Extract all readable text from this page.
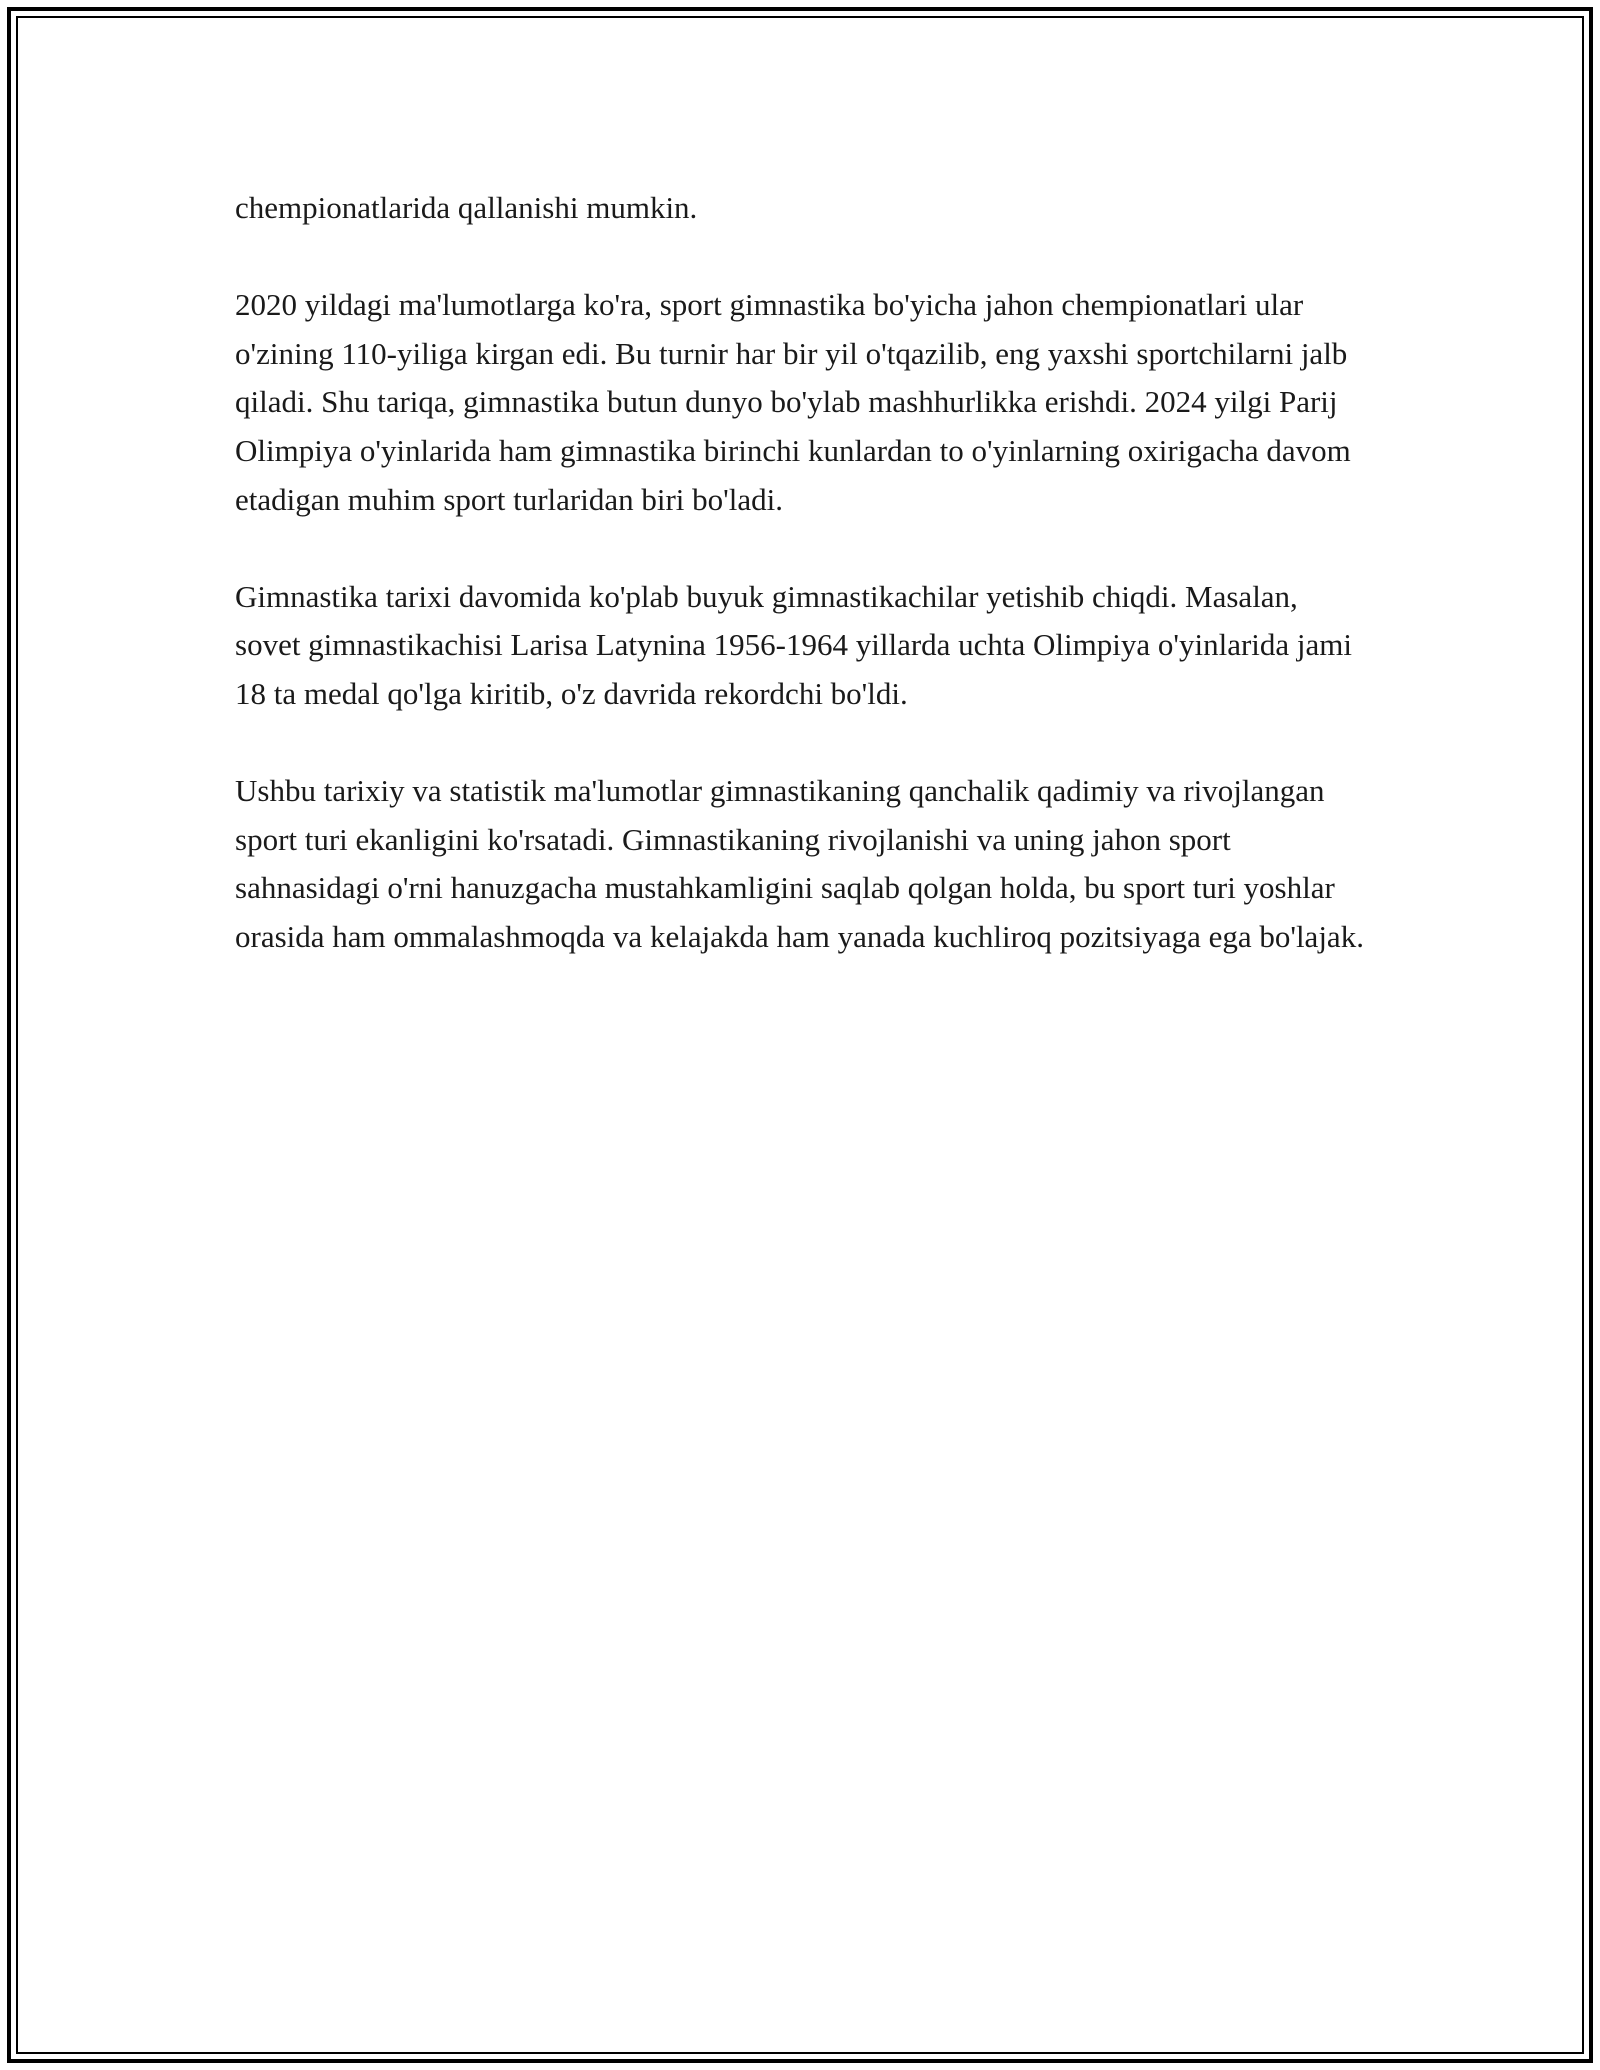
chempionatlarida qallanishi mumkin.

2020 yildagi ma'lumotlarga ko'ra, sport gimnastika bo'yicha jahon chempionatlari ular o'zining 110-yiliga kirgan edi. Bu turnir har bir yil o'tqazilib, eng yaxshi sportchilarni jalb qiladi. Shu tariqa, gimnastika butun dunyo bo'ylab mashhurlikka erishdi. 2024 yilgi Parij Olimpiya o'yinlarida ham gimnastika birinchi kunlardan to o'yinlarning oxirigacha davom etadigan muhim sport turlaridan biri bo'ladi.

Gimnastika tarixi davomida ko'plab buyuk gimnastikachilar yetishib chiqdi. Masalan, sovet gimnastikachisi Larisa Latynina 1956-1964 yillarda uchta Olimpiya o'yinlarida jami 18 ta medal qo'lga kiritib, o'z davrida rekordchi bo'ldi.

Ushbu tarixiy va statistik ma'lumotlar gimnastikaning qanchalik qadimiy va rivojlangan sport turi ekanligini ko'rsatadi. Gimnastikaning rivojlanishi va uning jahon sport sahnasidagi o'rni hanuzgacha mustahkamligini saqlab qolgan holda, bu sport turi yoshlar orasida ham ommalashmoqda va kelajakda ham yanada kuchliroq pozitsiyaga ega bo'lajak.
